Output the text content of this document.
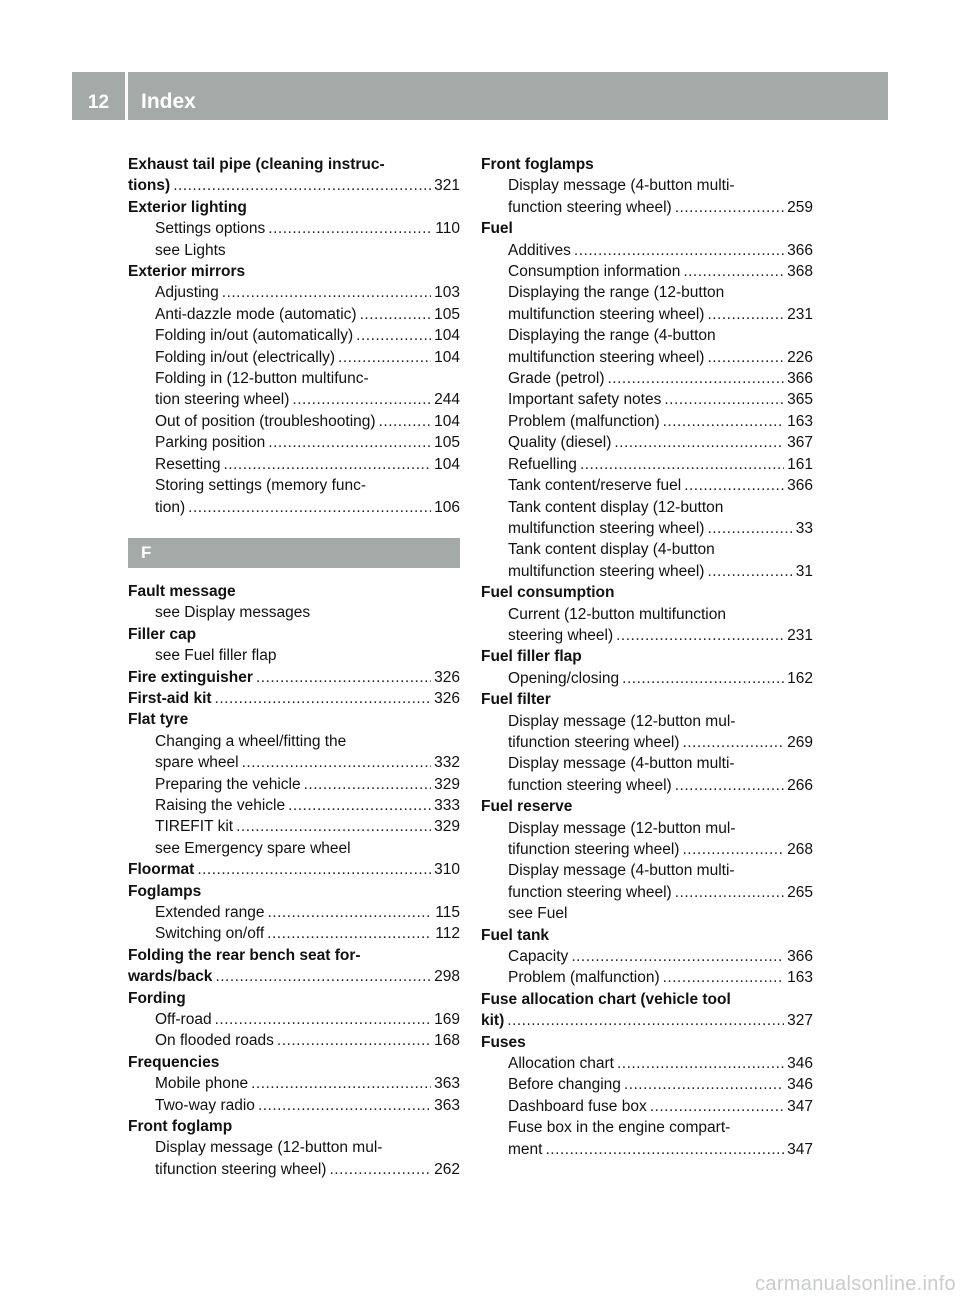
12	Index
Exhaust tail pipe (cleaning instruc-
tions) .....	321
Exterior lighting
Settings options .....	110
see Lights
Exterior mirrors
Adjusting .....	103
Anti-dazzle mode (automatic) .....	105
Folding in/out (automatically) .....	104
Folding in/out (electrically) .....	104
Folding in (12-button multifunc-
tion steering wheel) .....	244
Out of position (troubleshooting) .....	104
Parking position .....	105
Resetting .....	104
Storing settings (memory func-
tion) .....	106
F
Fault message
see Display messages
Filler cap
see Fuel filler flap
Fire extinguisher .....	326
First-aid kit .....	326
Flat tyre
Changing a wheel/fitting the
spare wheel .....	332
Preparing the vehicle .....	329
Raising the vehicle .....	333
TIREFIT kit .....	329
see Emergency spare wheel
Floormat .....	310
Foglamps
Extended range .....	115
Switching on/off .....	112
Folding the rear bench seat for-
wards/back .....	298
Fording
Off-road .....	169
On flooded roads .....	168
Frequencies
Mobile phone .....	363
Two-way radio .....	363
Front foglamp
Display message (12-button mul-
tifunction steering wheel) .....	262
Front foglamps
Display message (4-button multi-
function steering wheel) .....	259
Fuel
Additives .....	366
Consumption information .....	368
Displaying the range (12-button
multifunction steering wheel) .....	231
Displaying the range (4-button
multifunction steering wheel) .....	226
Grade (petrol) .....	366
Important safety notes .....	365
Problem (malfunction) .....	163
Quality (diesel) .....	367
Refuelling .....	161
Tank content/reserve fuel .....	366
Tank content display (12-button
multifunction steering wheel) .....	33
Tank content display (4-button
multifunction steering wheel) .....	31
Fuel consumption
Current (12-button multifunction
steering wheel) .....	231
Fuel filler flap
Opening/closing .....	162
Fuel filter
Display message (12-button mul-
tifunction steering wheel) .....	269
Display message (4-button multi-
function steering wheel) .....	266
Fuel reserve
Display message (12-button mul-
tifunction steering wheel) .....	268
Display message (4-button multi-
function steering wheel) .....	265
see Fuel
Fuel tank
Capacity .....	366
Problem (malfunction) .....	163
Fuse allocation chart (vehicle tool
kit) .....	327
Fuses
Allocation chart .....	346
Before changing .....	346
Dashboard fuse box .....	347
Fuse box in the engine compart-
ment .....	347
carmanualsonline.info
